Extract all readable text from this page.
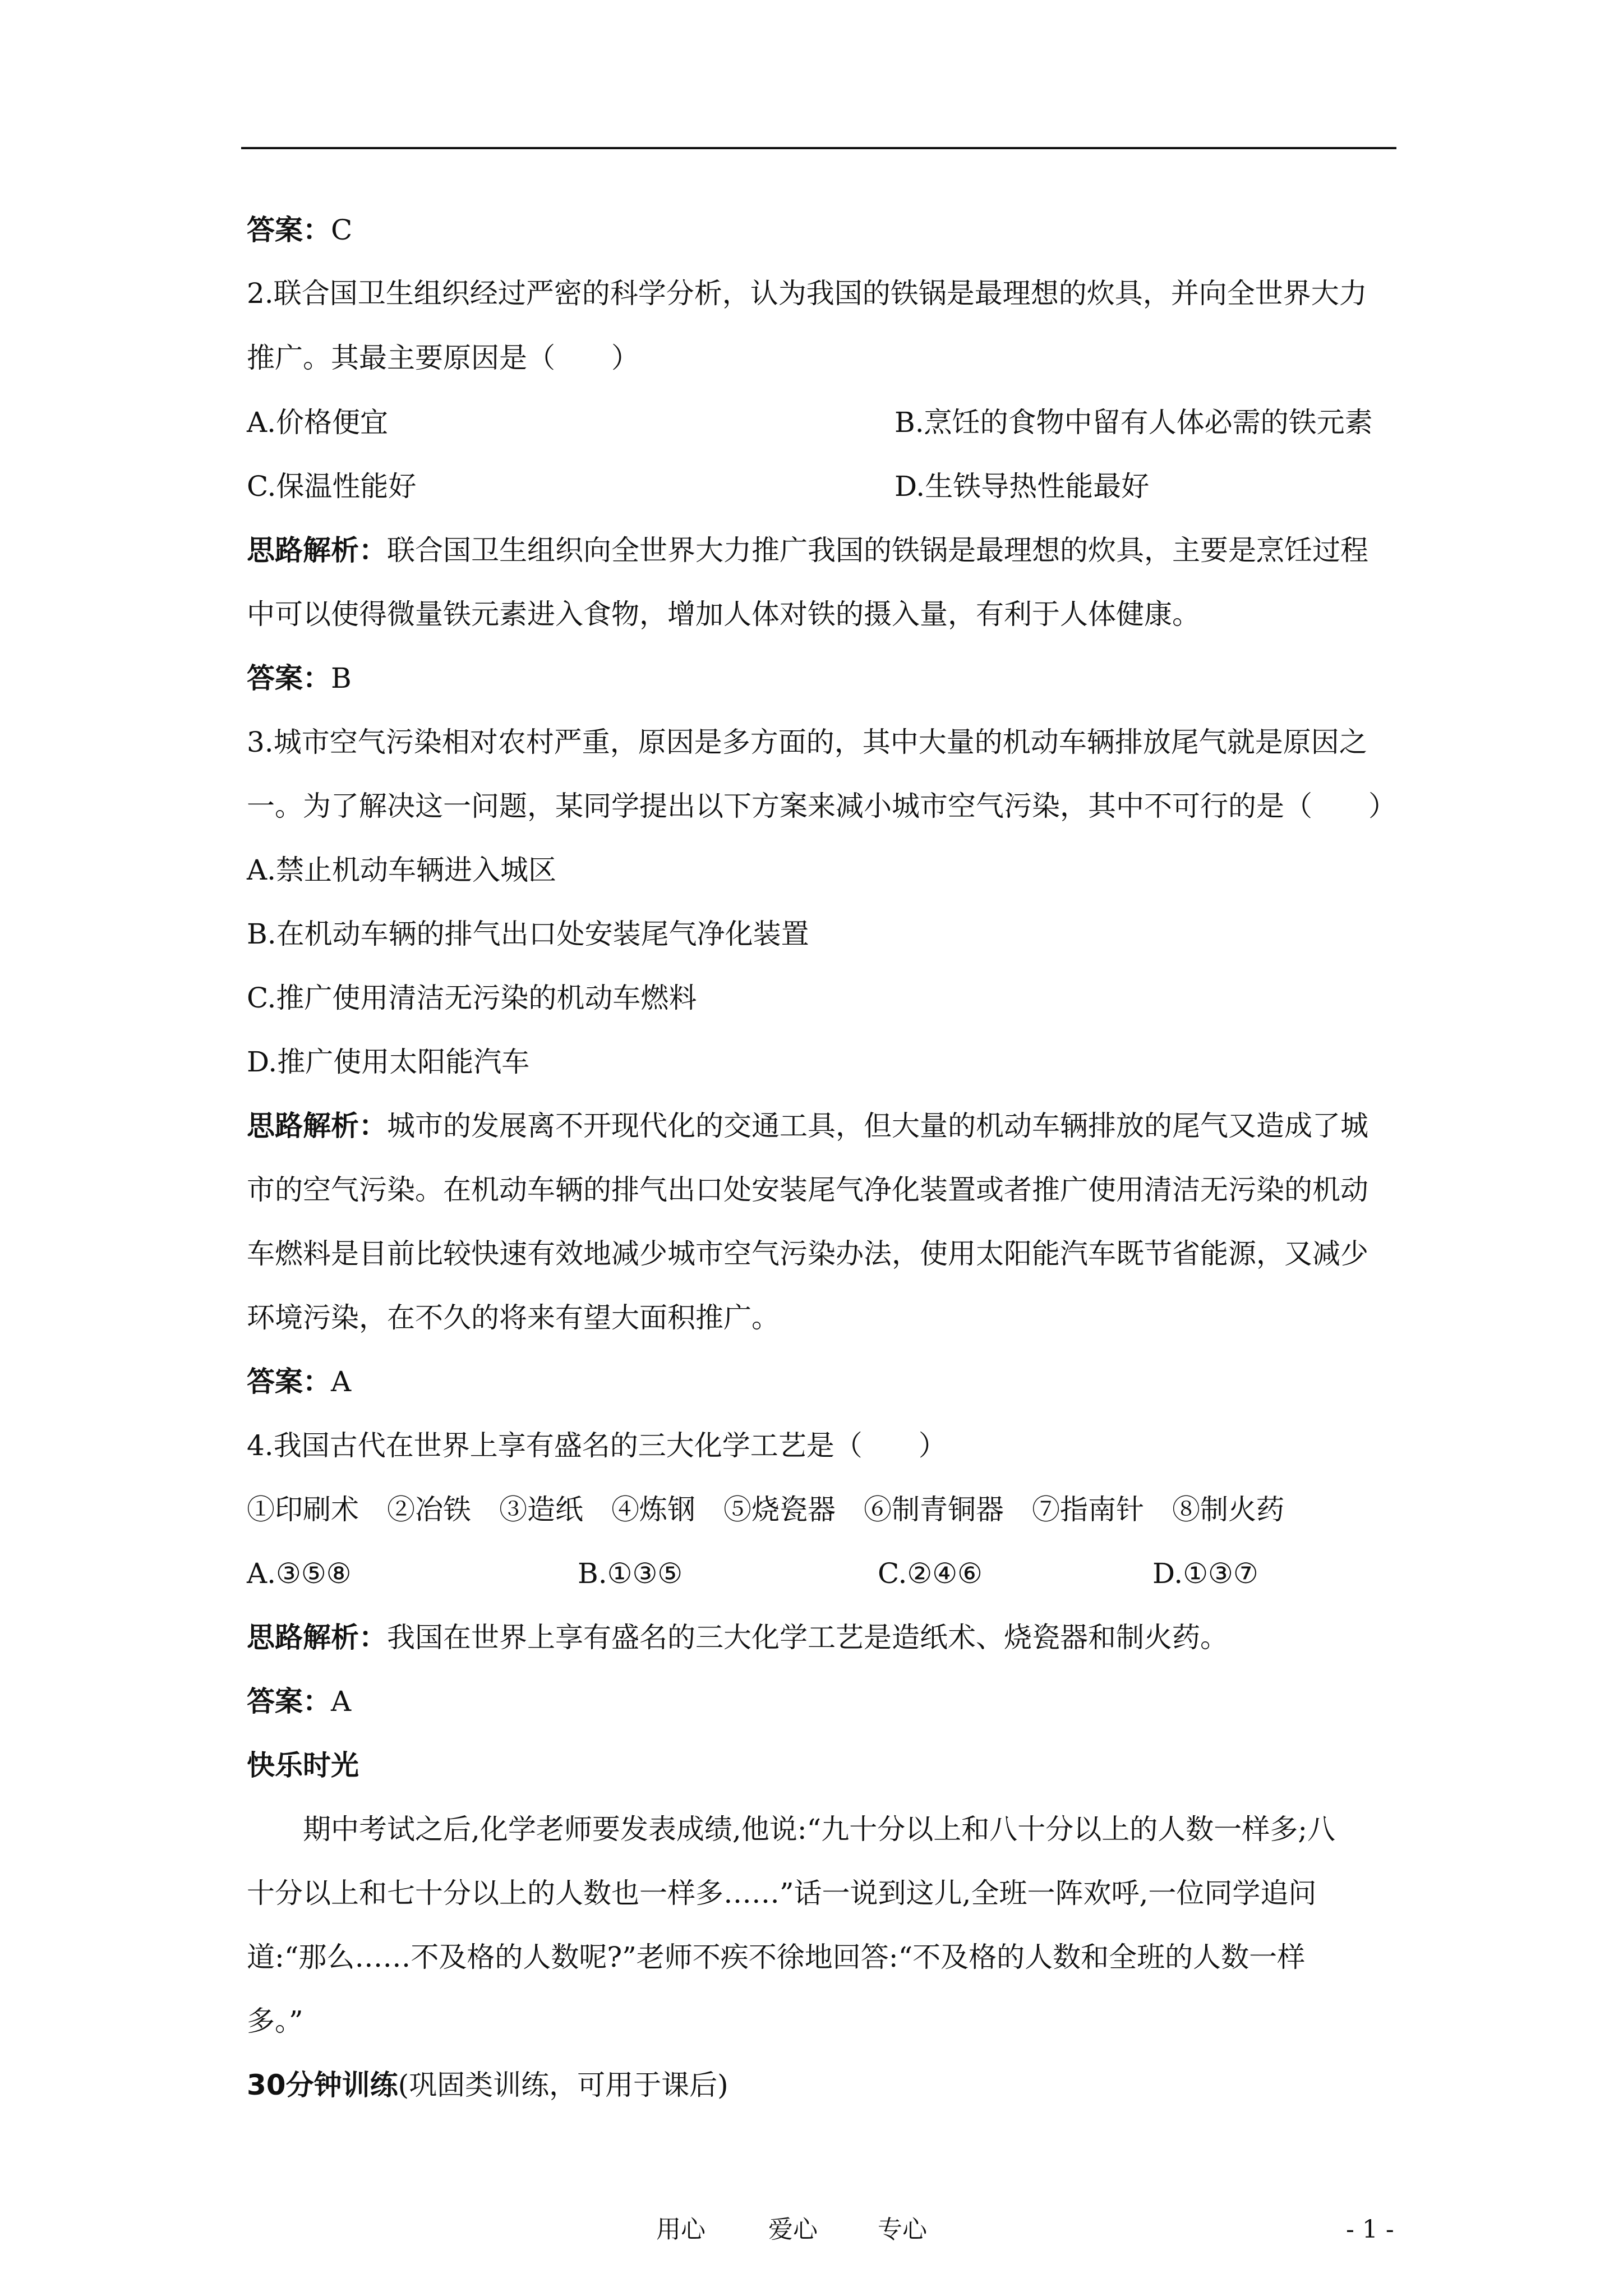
答案：C
2.联合国卫生组织经过严密的科学分析，认为我国的铁锅是最理想的炊具，并向全世界大力
推广。其最主要原因是（　　）
A.价格便宜	B.烹饪的食物中留有人体必需的铁元素
C.保温性能好	D.生铁导热性能最好
思路解析：联合国卫生组织向全世界大力推广我国的铁锅是最理想的炊具，主要是烹饪过程
中可以使得微量铁元素进入食物，增加人体对铁的摄入量，有利于人体健康。
答案：B
3.城市空气污染相对农村严重，原因是多方面的，其中大量的机动车辆排放尾气就是原因之
一。为了解决这一问题，某同学提出以下方案来减小城市空气污染，其中不可行的是（　　）
A.禁止机动车辆进入城区
B.在机动车辆的排气出口处安装尾气净化装置
C.推广使用清洁无污染的机动车燃料
D.推广使用太阳能汽车
思路解析：城市的发展离不开现代化的交通工具，但大量的机动车辆排放的尾气又造成了城
市的空气污染。在机动车辆的排气出口处安装尾气净化装置或者推广使用清洁无污染的机动
车燃料是目前比较快速有效地减少城市空气污染办法，使用太阳能汽车既节省能源，又减少
环境污染，在不久的将来有望大面积推广。
答案：A
4.我国古代在世界上享有盛名的三大化学工艺是（　　）
①印刷术　②冶铁　③造纸　④炼钢　⑤烧瓷器　⑥制青铜器　⑦指南针　⑧制火药
A.③⑤⑧	B.①③⑤	C.②④⑥	D.①③⑦
思路解析：我国在世界上享有盛名的三大化学工艺是造纸术、烧瓷器和制火药。
答案：A
快乐时光
期中考试之后,化学老师要发表成绩,他说:“九十分以上和八十分以上的人数一样多;八
十分以上和七十分以上的人数也一样多……”话一说到这儿,全班一阵欢呼,一位同学追问
道:“那么……不及格的人数呢?”老师不疾不徐地回答:“不及格的人数和全班的人数一样
多。”
30分钟训练(巩固类训练，可用于课后)
用心	爱心 专心	- 1 -
